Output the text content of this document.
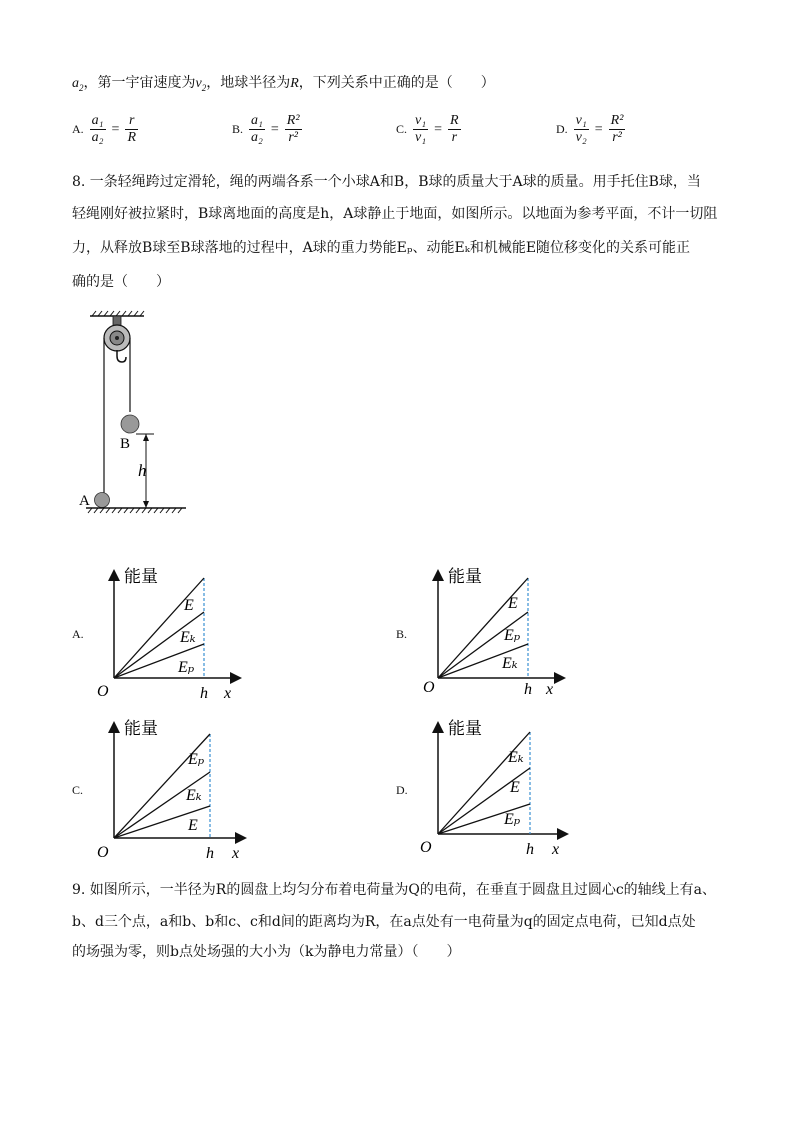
$a_2$，第一宇宙速度为$v_2$，地球半径为R，下列关系中正确的是（　　）
A. $\frac{\text{a₁}}{\text{a₂}} = \frac{r}{R}$	B. $\frac{\text{a₁}}{\text{a₂}} = \frac{\text{R²}}{\text{r²}}$	C. $\frac{\text{v₁}}{\text{v₁}} = \frac{R}{r}$	D. $\frac{\text{v₁}}{\text{v₂}} = \frac{\text{R²}}{\text{r²}}$
8. 一条轻绳跨过定滑轮，绳的两端各系一个小球A和B，B球的质量大于A球的质量。用手托住B球，当
轻绳刚好被拉紧时，B球离地面的高度是h，A球静止于地面，如图所示。以地面为参考平面，不计一切阻
力，从释放B球至B球落地的过程中，A球的重力势能Eₚ、动能Eₖ和机械能E随位移变化的关系可能正
确的是（　　）
B
h
A
A.	B.
C.	D.
能量
O	h x
E
Eₖ
Eₚ
能量
O	h x
E
Eₚ
Eₖ
能量
O	h x
Eₚ
Eₖ
E
能量
O	h x
Eₖ
E
Eₚ
9. 如图所示，一半径为R的圆盘上均匀分布着电荷量为Q的电荷，在垂直于圆盘且过圆心c的轴线上有a、
b、d三个点，a和b、b和c、c和d间的距离均为R，在a点处有一电荷量为q的固定点电荷，已知d点处
的场强为零，则b点处场强的大小为（k为静电力常量）（　　）
